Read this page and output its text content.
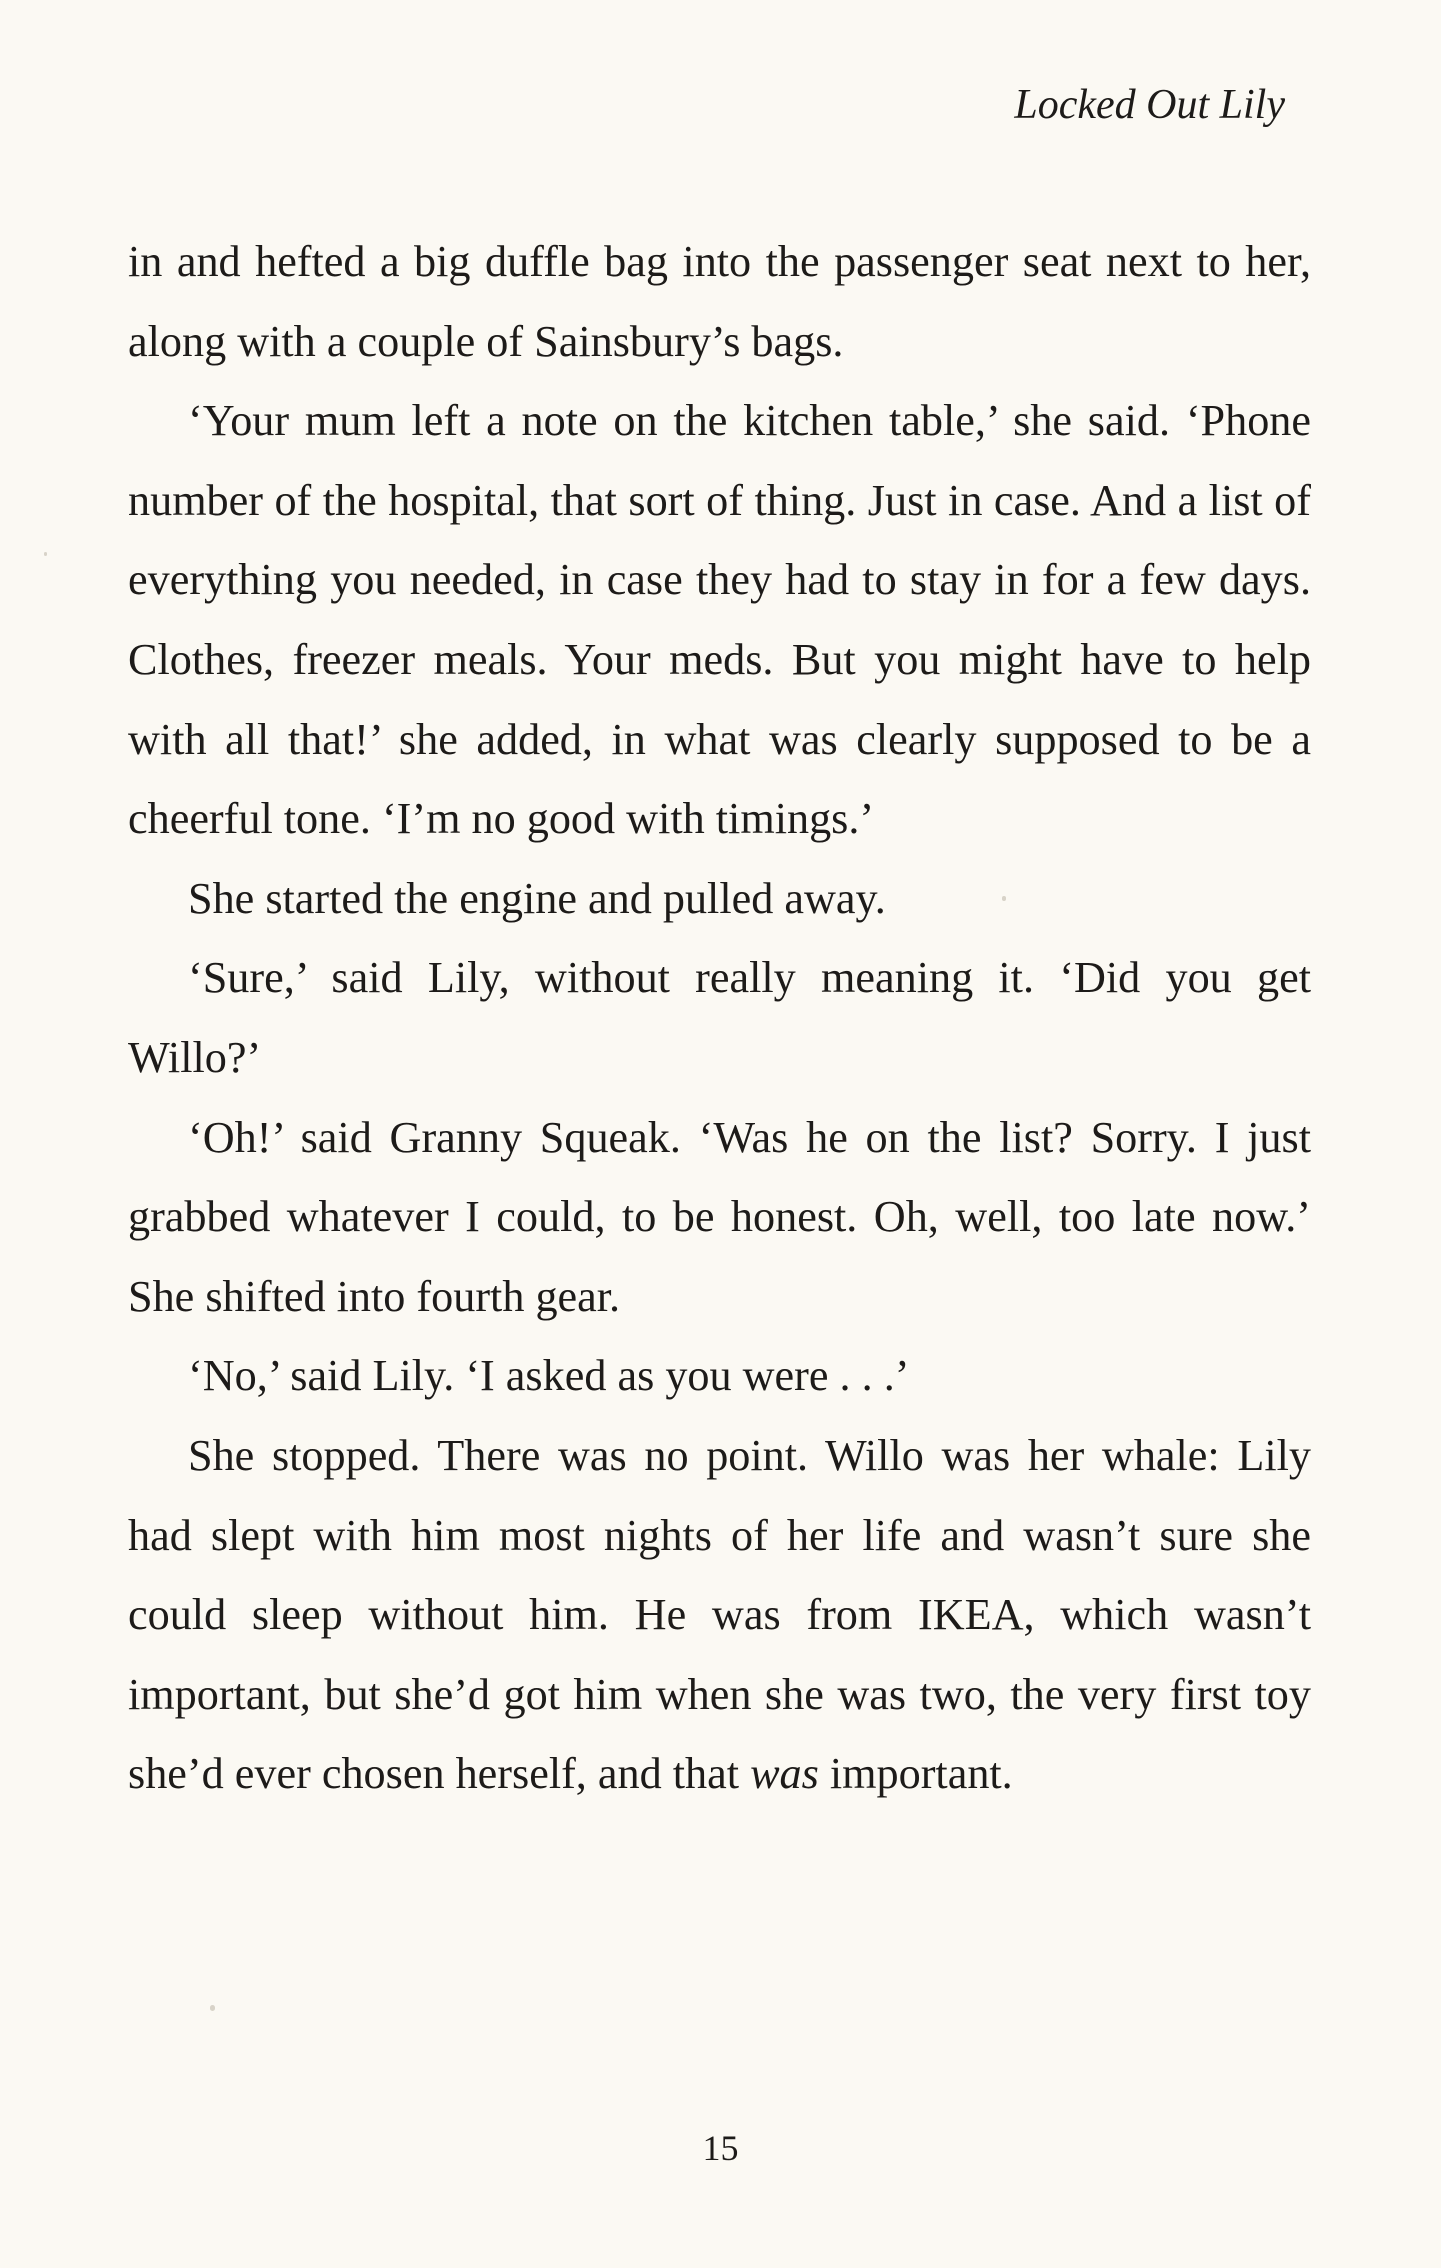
Locked Out Lily

in and hefted a big duffle bag into the passenger seat next to her, along with a couple of Sainsbury’s bags.

‘Your mum left a note on the kitchen table,’ she said. ‘Phone number of the hospital, that sort of thing. Just in case. And a list of everything you needed, in case they had to stay in for a few days. Clothes, freezer meals. Your meds. But you might have to help with all that!’ she added, in what was clearly supposed to be a cheerful tone. ‘I’m no good with timings.’

She started the engine and pulled away.

‘Sure,’ said Lily, without really meaning it. ‘Did you get Willo?’

‘Oh!’ said Granny Squeak. ‘Was he on the list? Sorry. I just grabbed whatever I could, to be honest. Oh, well, too late now.’ She shifted into fourth gear.

‘No,’ said Lily. ‘I asked as you were . . .’

She stopped. There was no point. Willo was her whale: Lily had slept with him most nights of her life and wasn’t sure she could sleep without him. He was from IKEA, which wasn’t important, but she’d got him when she was two, the very first toy she’d ever chosen herself, and that was important.

15
